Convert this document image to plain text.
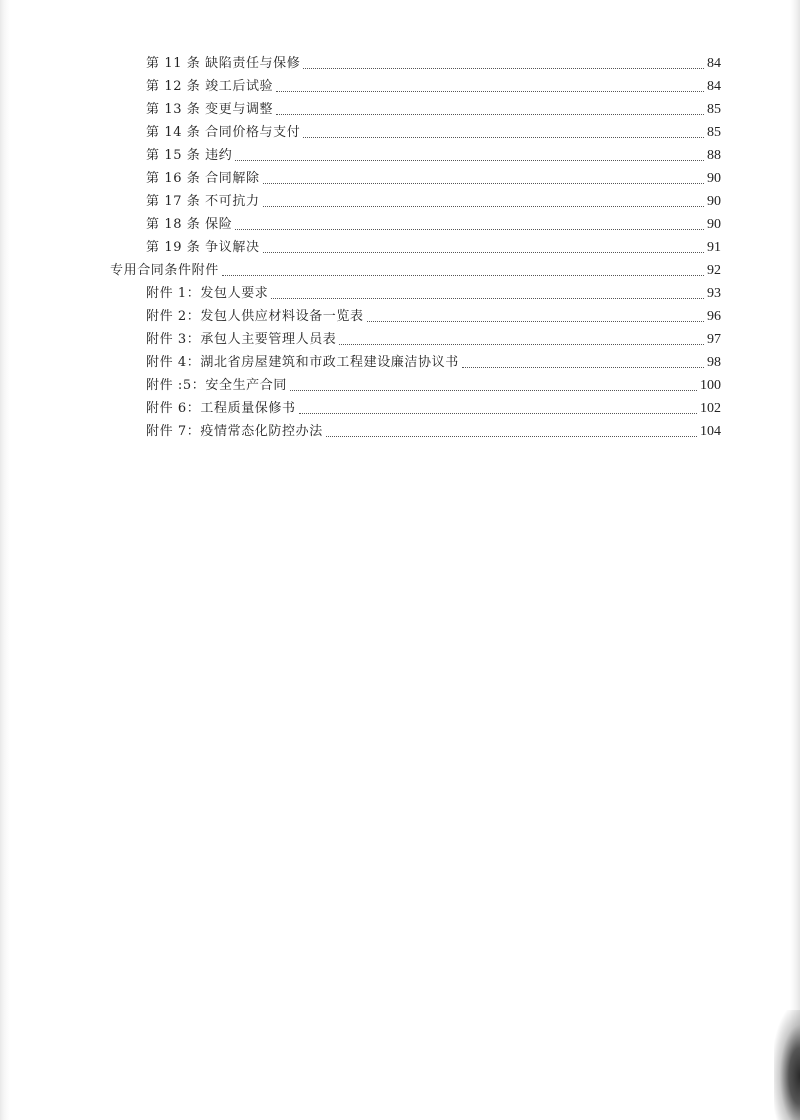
第 11 条 缺陷责任与保修	84
第 12 条 竣工后试验	84
第 13 条 变更与调整	85
第 14 条 合同价格与支付	85
第 15 条 违约	88
第 16 条 合同解除	90
第 17 条 不可抗力	90
第 18 条 保险	90
第 19 条 争议解决	91
专用合同条件附件	92
附件 1：发包人要求	93
附件 2：发包人供应材料设备一览表	96
附件 3：承包人主要管理人员表	97
附件 4：湖北省房屋建筑和市政工程建设廉洁协议书	98
附件 :5：安全生产合同	100
附件 6：工程质量保修书	102
附件 7：疫情常态化防控办法	104
